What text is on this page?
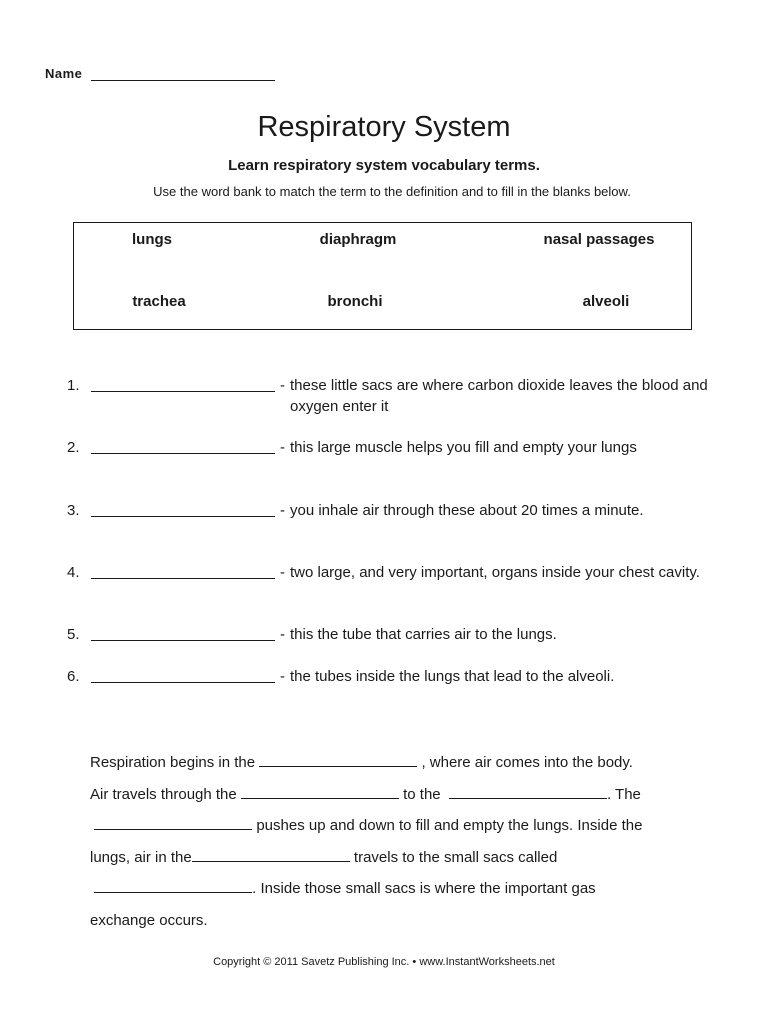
Name
Respiratory System
Learn respiratory system vocabulary terms.
Use the word bank to match the term to the definition and to fill in the blanks below.
lungs	diaphragm	nasal passages
trachea	bronchi	alveoli
1.	- these little sacs are where carbon dioxide leaves the blood and oxygen enter it
2.	- this large muscle helps you fill and empty your lungs
3.	- you inhale air through these about 20 times a minute.
4.	- two large, and very important, organs inside your chest cavity.
5.	- this the tube that carries air to the lungs.
6.	- the tubes inside the lungs that lead to the alveoli.
Respiration begins in the	, where air comes into the body.
Air travels through the	to the	. The
pushes up and down to fill and empty the lungs. Inside the
lungs, air in the	travels to the small sacs called
. Inside those small sacs is where the important gas
exchange occurs.
Copyright © 2011 Savetz Publishing Inc. • www.InstantWorksheets.net
